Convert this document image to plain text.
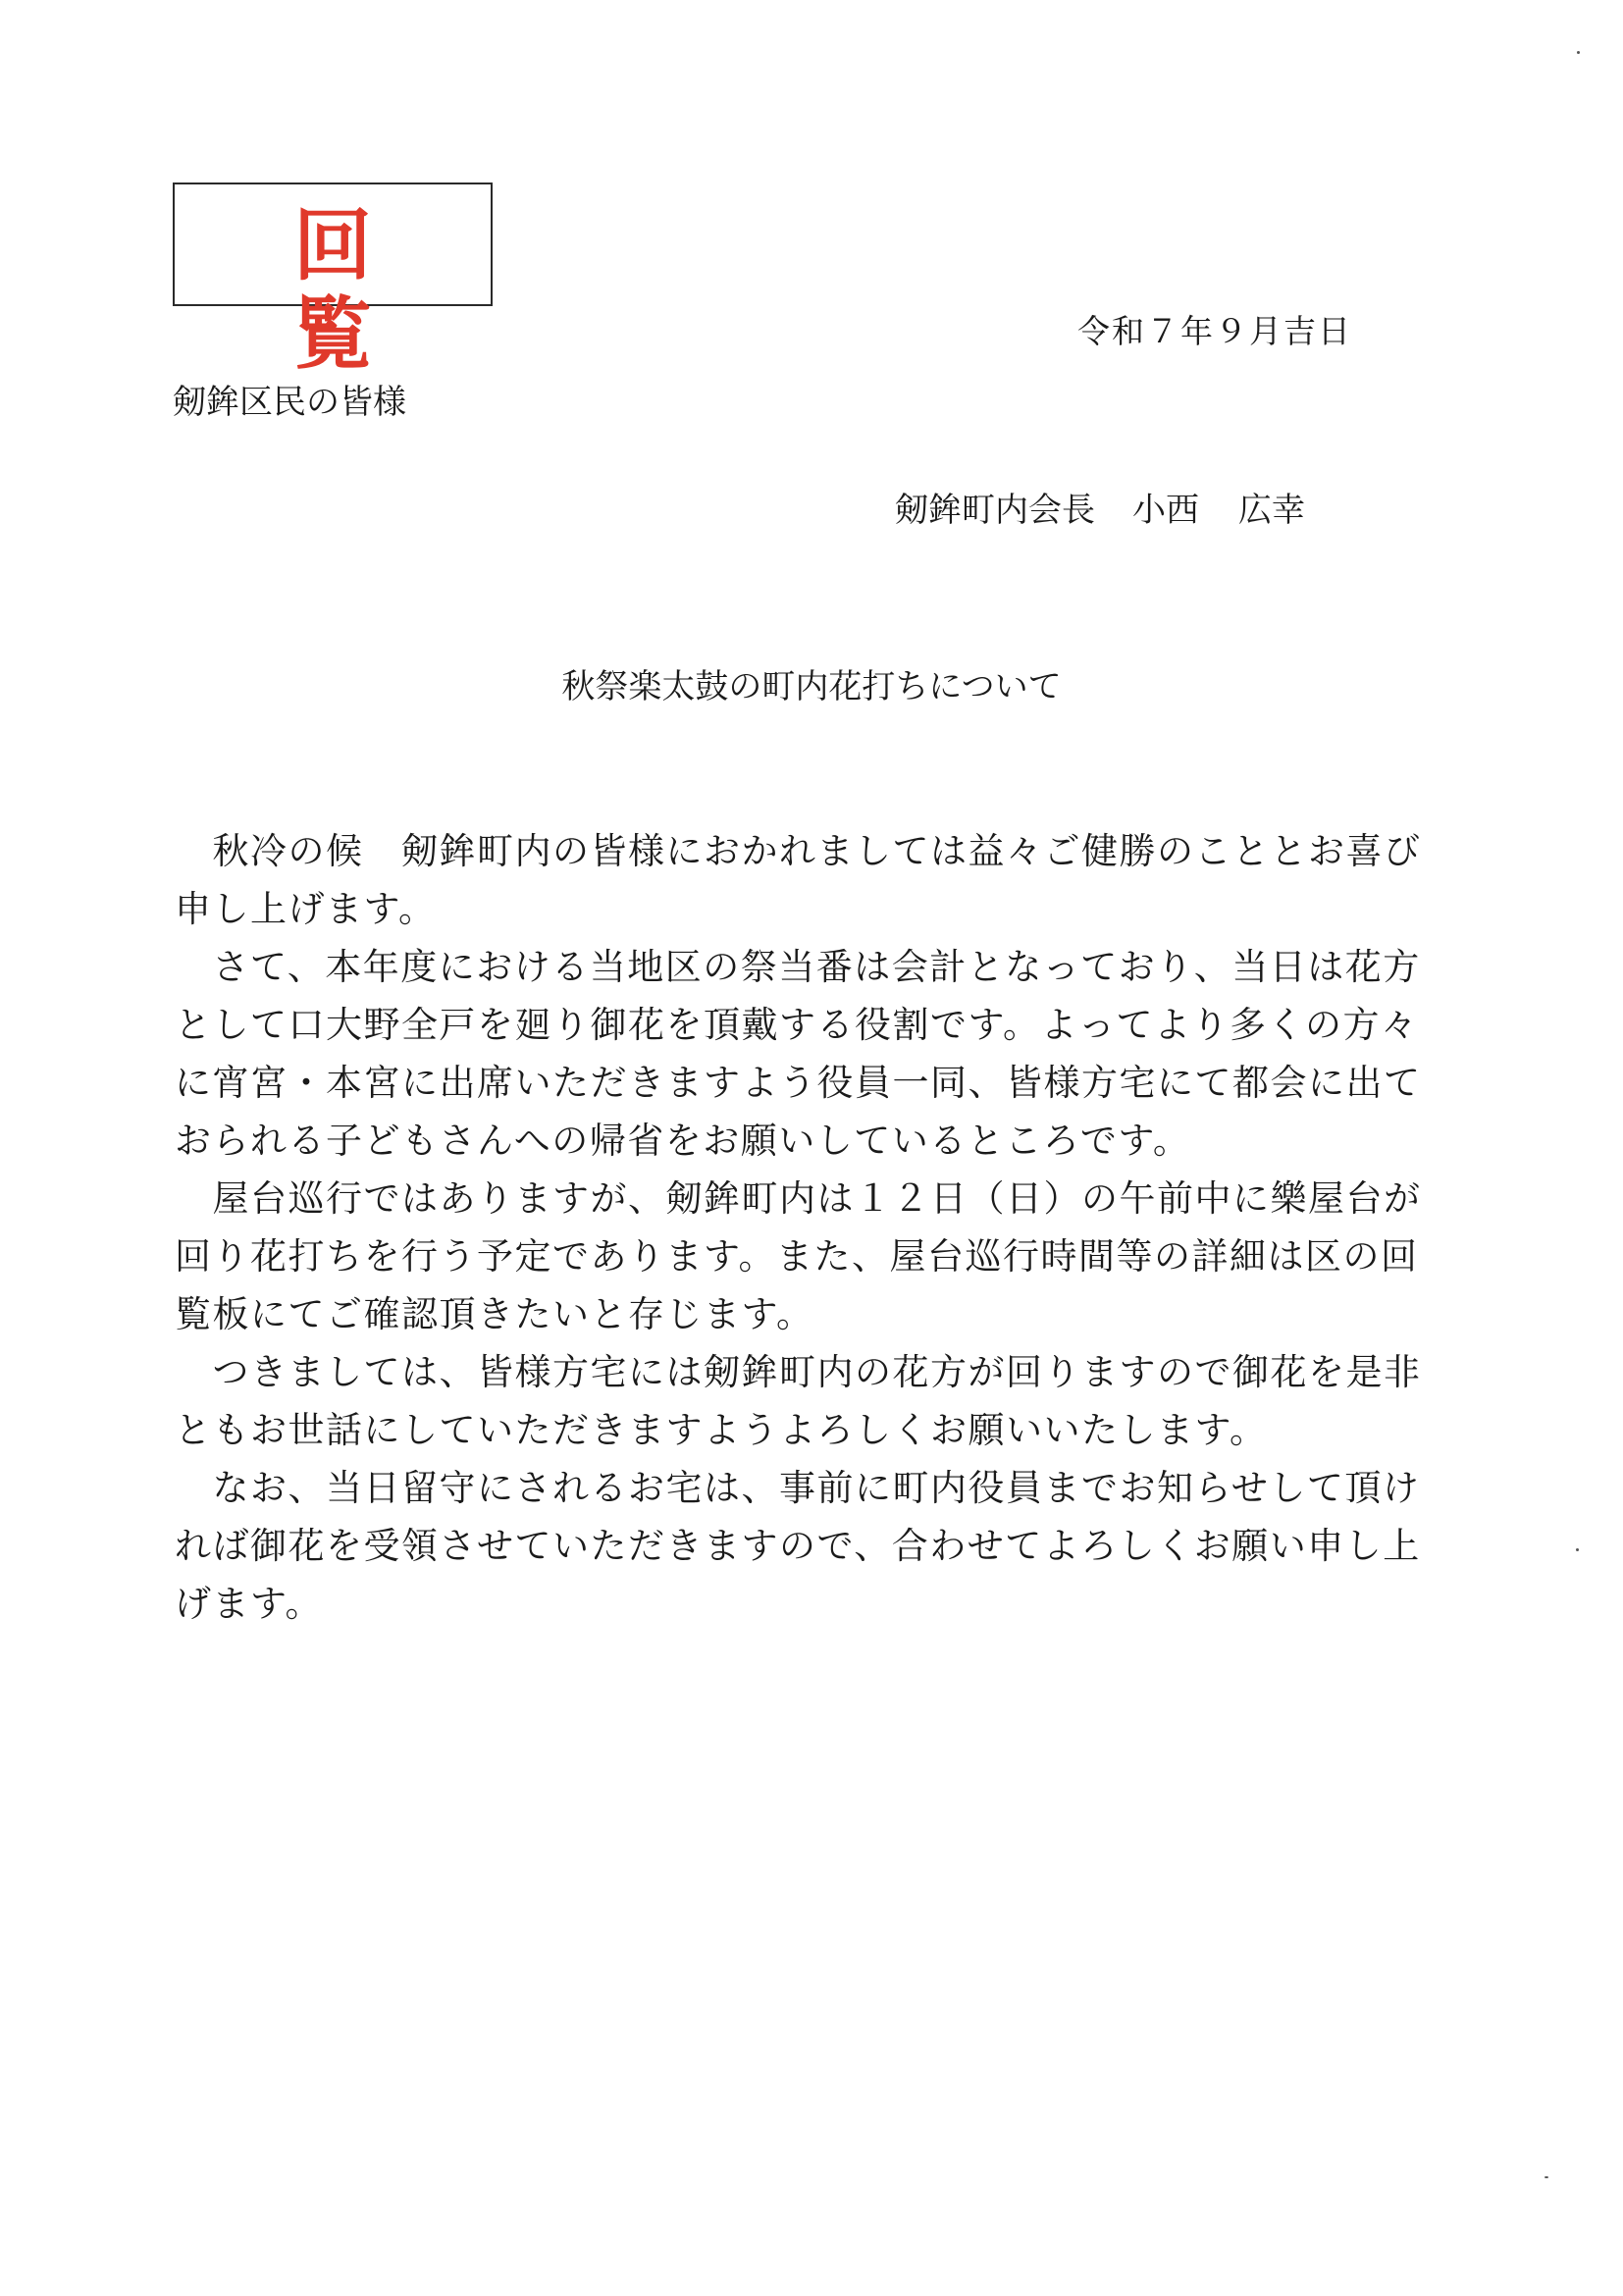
回覧	令和７年９月吉日
剱鉾区民の皆様
剱鉾町内会長 小西 広幸
秋祭楽太鼓の町内花打ちについて
　秋冷の候　剱鉾町内の皆様におかれましては益々ご健勝のこととお喜び
申し上げます。
　さて、本年度における当地区の祭当番は会計となっており、当日は花方
として口大野全戸を廻り御花を頂戴する役割です。よってより多くの方々
に宵宮・本宮に出席いただきますよう役員一同、皆様方宅にて都会に出て
おられる子どもさんへの帰省をお願いしているところです。
　屋台巡行ではありますが、剱鉾町内は１２日（日）の午前中に樂屋台が
回り花打ちを行う予定であります。また、屋台巡行時間等の詳細は区の回
覧板にてご確認頂きたいと存じます。
　つきましては、皆様方宅には剱鉾町内の花方が回りますので御花を是非
ともお世話にしていただきますようよろしくお願いいたします。
　なお、当日留守にされるお宅は、事前に町内役員までお知らせして頂け
れば御花を受領させていただきますので、合わせてよろしくお願い申し上
げます。
